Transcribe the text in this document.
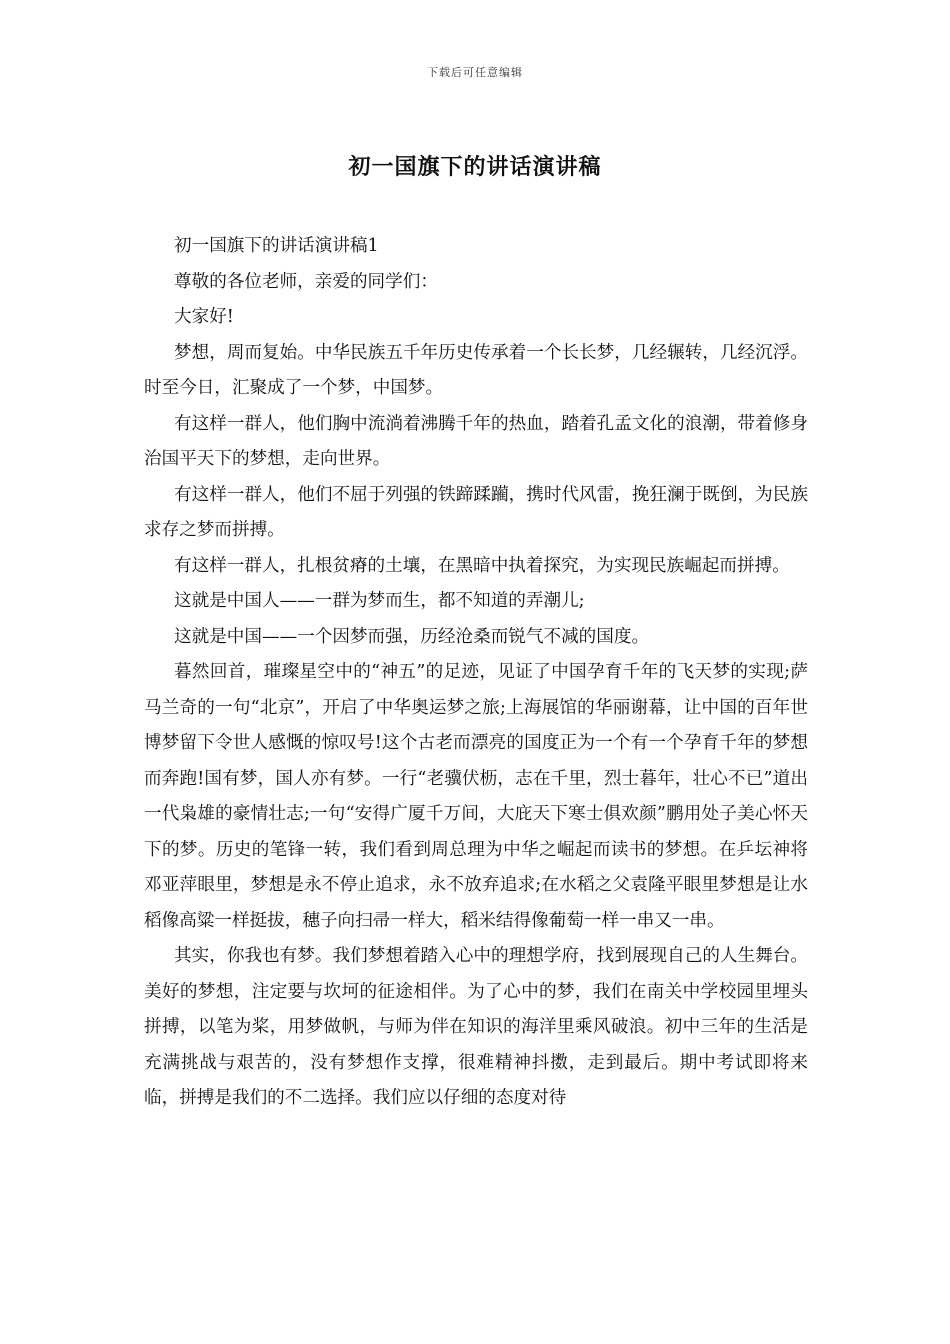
下载后可任意编辑
初一国旗下的讲话演讲稿

初一国旗下的讲话演讲稿1

尊敬的各位老师，亲爱的同学们：

大家好!

梦想，周而复始。中华民族五千年历史传承着一个长长梦，几经辗转，几经沉浮。时至今日，汇聚成了一个梦，中国梦。

有这样一群人，他们胸中流淌着沸腾千年的热血，踏着孔孟文化的浪潮，带着修身治国平天下的梦想，走向世界。

有这样一群人，他们不屈于列强的铁蹄蹂躏，携时代风雷，挽狂澜于既倒，为民族求存之梦而拼搏。

有这样一群人，扎根贫瘠的土壤，在黑暗中执着探究，为实现民族崛起而拼搏。

这就是中国人——一群为梦而生，都不知道的弄潮儿;

这就是中国——一个因梦而强，历经沧桑而锐气不减的国度。

暮然回首，璀璨星空中的“神五”的足迹，见证了中国孕育千年的飞天梦的实现;萨马兰奇的一句“北京”，开启了中华奥运梦之旅;上海展馆的华丽谢幕，让中国的百年世博梦留下令世人感慨的惊叹号!这个古老而漂亮的国度正为一个有一个孕育千年的梦想而奔跑!国有梦，国人亦有梦。一行“老骥伏枥，志在千里，烈士暮年，壮心不已”道出一代枭雄的豪情壮志;一句“安得广厦千万间，大庇天下寒士俱欢颜”鹏用处子美心怀天下的梦。历史的笔锋一转，我们看到周总理为中华之崛起而读书的梦想。在乒坛神将邓亚萍眼里，梦想是永不停止追求，永不放弃追求;在水稻之父袁隆平眼里梦想是让水稻像高粱一样挺拔，穗子向扫帚一样大，稻米结得像葡萄一样一串又一串。

其实，你我也有梦。我们梦想着踏入心中的理想学府，找到展现自己的人生舞台。美好的梦想，注定要与坎坷的征途相伴。为了心中的梦，我们在南关中学校园里埋头拼搏，以笔为桨，用梦做帆，与师为伴在知识的海洋里乘风破浪。初中三年的生活是充满挑战与艰苦的，没有梦想作支撑，很难精神抖擞，走到最后。期中考试即将来临，拼搏是我们的不二选择。我们应以仔细的态度对待
